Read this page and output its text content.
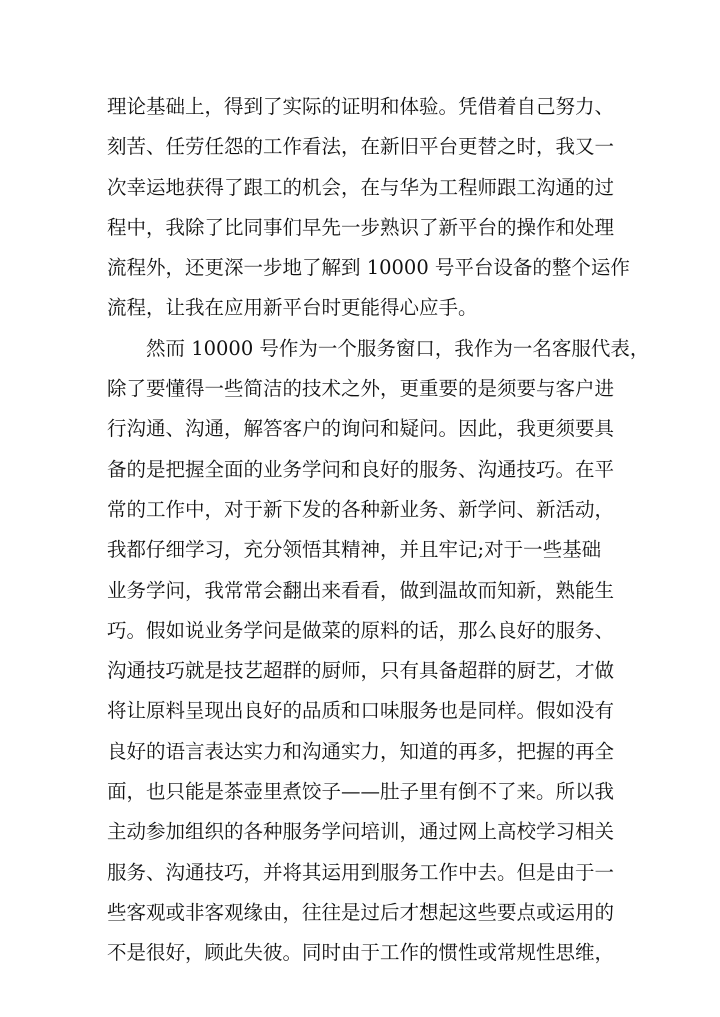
理论基础上，得到了实际的证明和体验。凭借着自己努力、
刻苦、任劳任怨的工作看法，在新旧平台更替之时，我又一
次幸运地获得了跟工的机会，在与华为工程师跟工沟通的过
程中，我除了比同事们早先一步熟识了新平台的操作和处理
流程外，还更深一步地了解到 10000 号平台设备的整个运作
流程，让我在应用新平台时更能得心应手。
然而 10000 号作为一个服务窗口，我作为一名客服代表，
除了要懂得一些简洁的技术之外，更重要的是须要与客户进
行沟通、沟通，解答客户的询问和疑问。因此，我更须要具
备的是把握全面的业务学问和良好的服务、沟通技巧。在平
常的工作中，对于新下发的各种新业务、新学问、新活动，
我都仔细学习，充分领悟其精神，并且牢记;对于一些基础
业务学问，我常常会翻出来看看，做到温故而知新，熟能生
巧。假如说业务学问是做菜的原料的话，那么良好的服务、
沟通技巧就是技艺超群的厨师，只有具备超群的厨艺，才做
将让原料呈现出良好的品质和口味服务也是同样。假如没有
良好的语言表达实力和沟通实力，知道的再多，把握的再全
面，也只能是茶壶里煮饺子——肚子里有倒不了来。所以我
主动参加组织的各种服务学问培训，通过网上高校学习相关
服务、沟通技巧，并将其运用到服务工作中去。但是由于一
些客观或非客观缘由，往往是过后才想起这些要点或运用的
不是很好，顾此失彼。同时由于工作的惯性或常规性思维，
